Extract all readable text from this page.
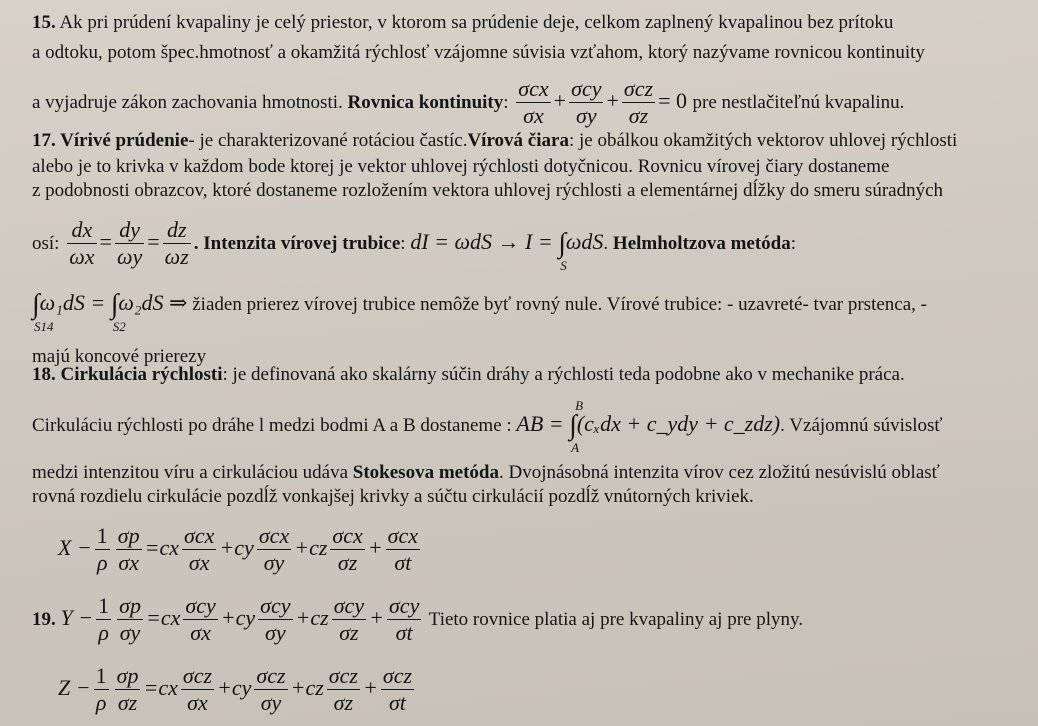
15. Ak pri prúdení kvapaliny je celý priestor, v ktorom sa prúdenie deje, celkom zaplnený kvapalinou bez prítoku
a odtoku, potom špec.hmotnosť a okamžitá rýchlosť vzájomne súvisia vzťahom, ktorý nazývame rovnicou kontinuity
a vyjadruje zákon zachovania hmotnosti. Rovnica kontinuity: $\frac{\text{σcx}}{\sigma x} + \frac{\text{σcy}}{\sigma y} + \frac{\text{σcz}}{\sigma z} = 0$ pre nestlačiteľnú kvapalinu.
17. Vírivé prúdenie- je charakterizované rotáciou častíc.Vírová čiara: je obálkou okamžitých vektorov uhlovej rýchlosti
alebo je to krivka v každom bode ktorej je vektor uhlovej rýchlosti dotyčnicou. Rovnicu vírovej čiary dostaneme
z podobnosti obrazcov, ktoré dostaneme rozložením vektora uhlovej rýchlosti a elementárnej dĺžky do smeru súradných
osí: $\frac{dx}{\omega x} = \frac{dy}{\omega y} = \frac{dz}{\omega z}$ . Intenzita vírovej trubice: dI = ωdS → I = ∫
S
ωdS. Helmholtzova metóda:
∫
S14
ω₁dS = ∫
S2
ω₂dS ⇒ žiaden prierez vírovej trubice nemôže byť rovný nule. Vírové trubice: - uzavreté- tvar prstenca, -
majú koncové prierezy
18. Cirkulácia rýchlosti: je definovaná ako skalárny súčin dráhy a rýchlosti teda podobne ako v mechanike práca.
Cirkuláciu rýchlosti po dráhe l medzi bodmi A a B dostaneme : AB = ∫
B
A
(cₓdx + c_ydy + c_zdz). Vzájomnú súvislosť
medzi intenzitou víru a cirkuláciou udáva Stokesova metóda. Dvojnásobná intenzita vírov cez zložitú nesúvislú oblasť
rovná rozdielu cirkulácie pozdĺž vonkajšej krivky a súčtu cirkulácií pozdĺž vnútorných kriviek.
$X - \frac{1}{\rho} \frac{\sigma p}{\sigma x} =cx \frac{\text{σcx}}{\sigma x} +cy \frac{\text{σcx}}{\sigma y} +cz \frac{\text{σcx}}{\sigma z} + \frac{\text{σcx}}{\sigma t}$
19. $Y - \frac{1}{\rho} \frac{\sigma p}{\sigma y} =cx \frac{\text{σcy}}{\sigma x} +cy \frac{\text{σcy}}{\sigma y} +cz \frac{\text{σcy}}{\sigma z} + \frac{\text{σcy}}{\sigma t}$ Tieto rovnice platia aj pre kvapaliny aj pre plyny.
$Z - \frac{1}{\rho} \frac{\sigma p}{\sigma z} =cx \frac{\text{σcz}}{\sigma x} +cy \frac{\text{σcz}}{\sigma y} +cz \frac{\text{σcz}}{\sigma z} + \frac{\text{σcz}}{\sigma t}$
